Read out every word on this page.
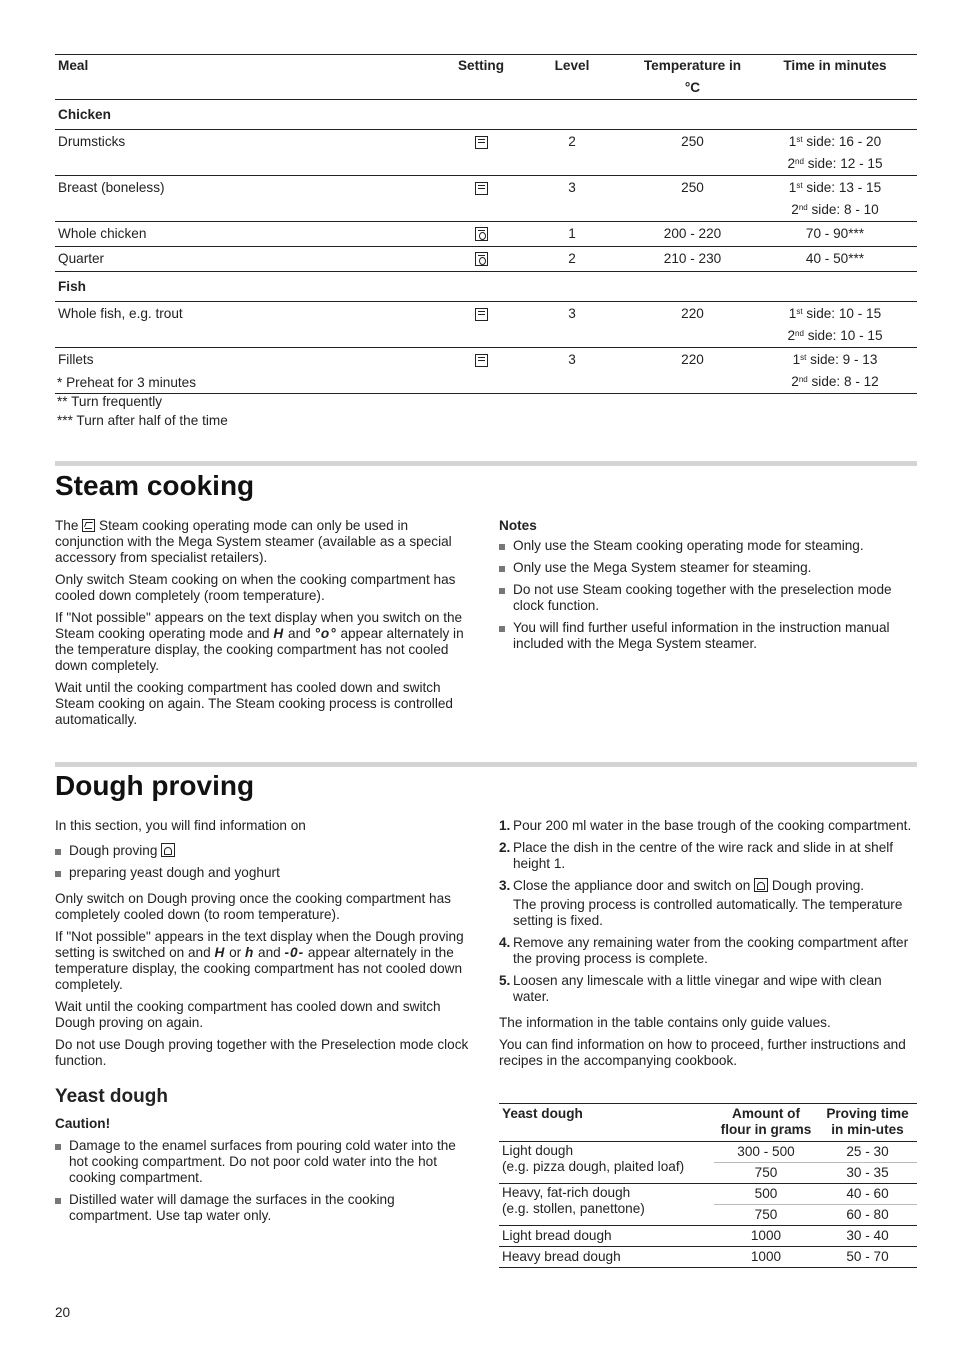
Meal	Setting	Level	Temperature in °C	Time in minutes
Chicken				
Drumsticks		2	250	1st side: 16 - 20
2nd side: 12 - 15

Breast (boneless)		3	250	1st side: 13 - 15
2nd side: 8 - 10

Whole chicken		1	200 - 220	70 - 90***
Quarter		2	210 - 230	40 - 50***
Fish				
Whole fish, e.g. trout		3	220	1st side: 10 - 15
2nd side: 10 - 15

Fillets		3	220	1st side: 9 - 13
2nd side: 8 - 12
* Preheat for 3 minutes
** Turn frequently
*** Turn after half of the time
Steam cooking

The Steam cooking operating mode can only be used in conjunction with the Mega System steamer (available as a special accessory from specialist retailers).

Only switch Steam cooking on when the cooking compartment has cooled down completely (room temperature).

If "Not possible" appears on the text display when you switch on the Steam cooking operating mode and H and °o° appear alternately in the temperature display, the cooking compartment has not cooled down completely.

Wait until the cooking compartment has cooled down and switch Steam cooking on again. The Steam cooking process is controlled automatically.

Notes
Only use the Steam cooking operating mode for steaming.
Only use the Mega System steamer for steaming.
Do not use Steam cooking together with the preselection mode clock function.
You will find further useful information in the instruction manual included with the Mega System steamer.
Dough proving

In this section, you will find information on

Dough proving
preparing yeast dough and yoghurt

Only switch on Dough proving once the cooking compartment has completely cooled down (to room temperature).

If "Not possible" appears in the text display when the Dough proving setting is switched on and H or h and -0- appear alternately in the temperature display, the cooking compartment has not cooled down completely.

Wait until the cooking compartment has cooled down and switch Dough proving on again.

Do not use Dough proving together with the Preselection mode clock function.

Yeast dough
Caution!
Damage to the enamel surfaces from pouring cold water into the hot cooking compartment. Do not poor cold water into the hot cooking compartment.
Distilled water will damage the surfaces in the cooking compartment. Use tap water only.
1. Pour 200 ml water in the base trough of the cooking compartment.
2. Place the dish in the centre of the wire rack and slide in at shelf height 1.
3. Close the appliance door and switch on Dough proving.
The proving process is controlled automatically. The temperature setting is fixed.
4. Remove any remaining water from the cooking compartment after the proving process is complete.
5. Loosen any limescale with a little vinegar and wipe with clean water.

The information in the table contains only guide values.

You can find information on how to proceed, further instructions and recipes in the accompanying cookbook.

Yeast dough	Amount of flour in grams	Proving time in min-utes

Light dough
(e.g. pizza dough, plaited loaf)	300 - 500	25 - 30
	750	30 - 35

Heavy, fat-rich dough
(e.g. stollen, panettone)	500	40 - 60
	750	60 - 80
Light bread dough	1000	30 - 40
Heavy bread dough	1000	50 - 70
20
